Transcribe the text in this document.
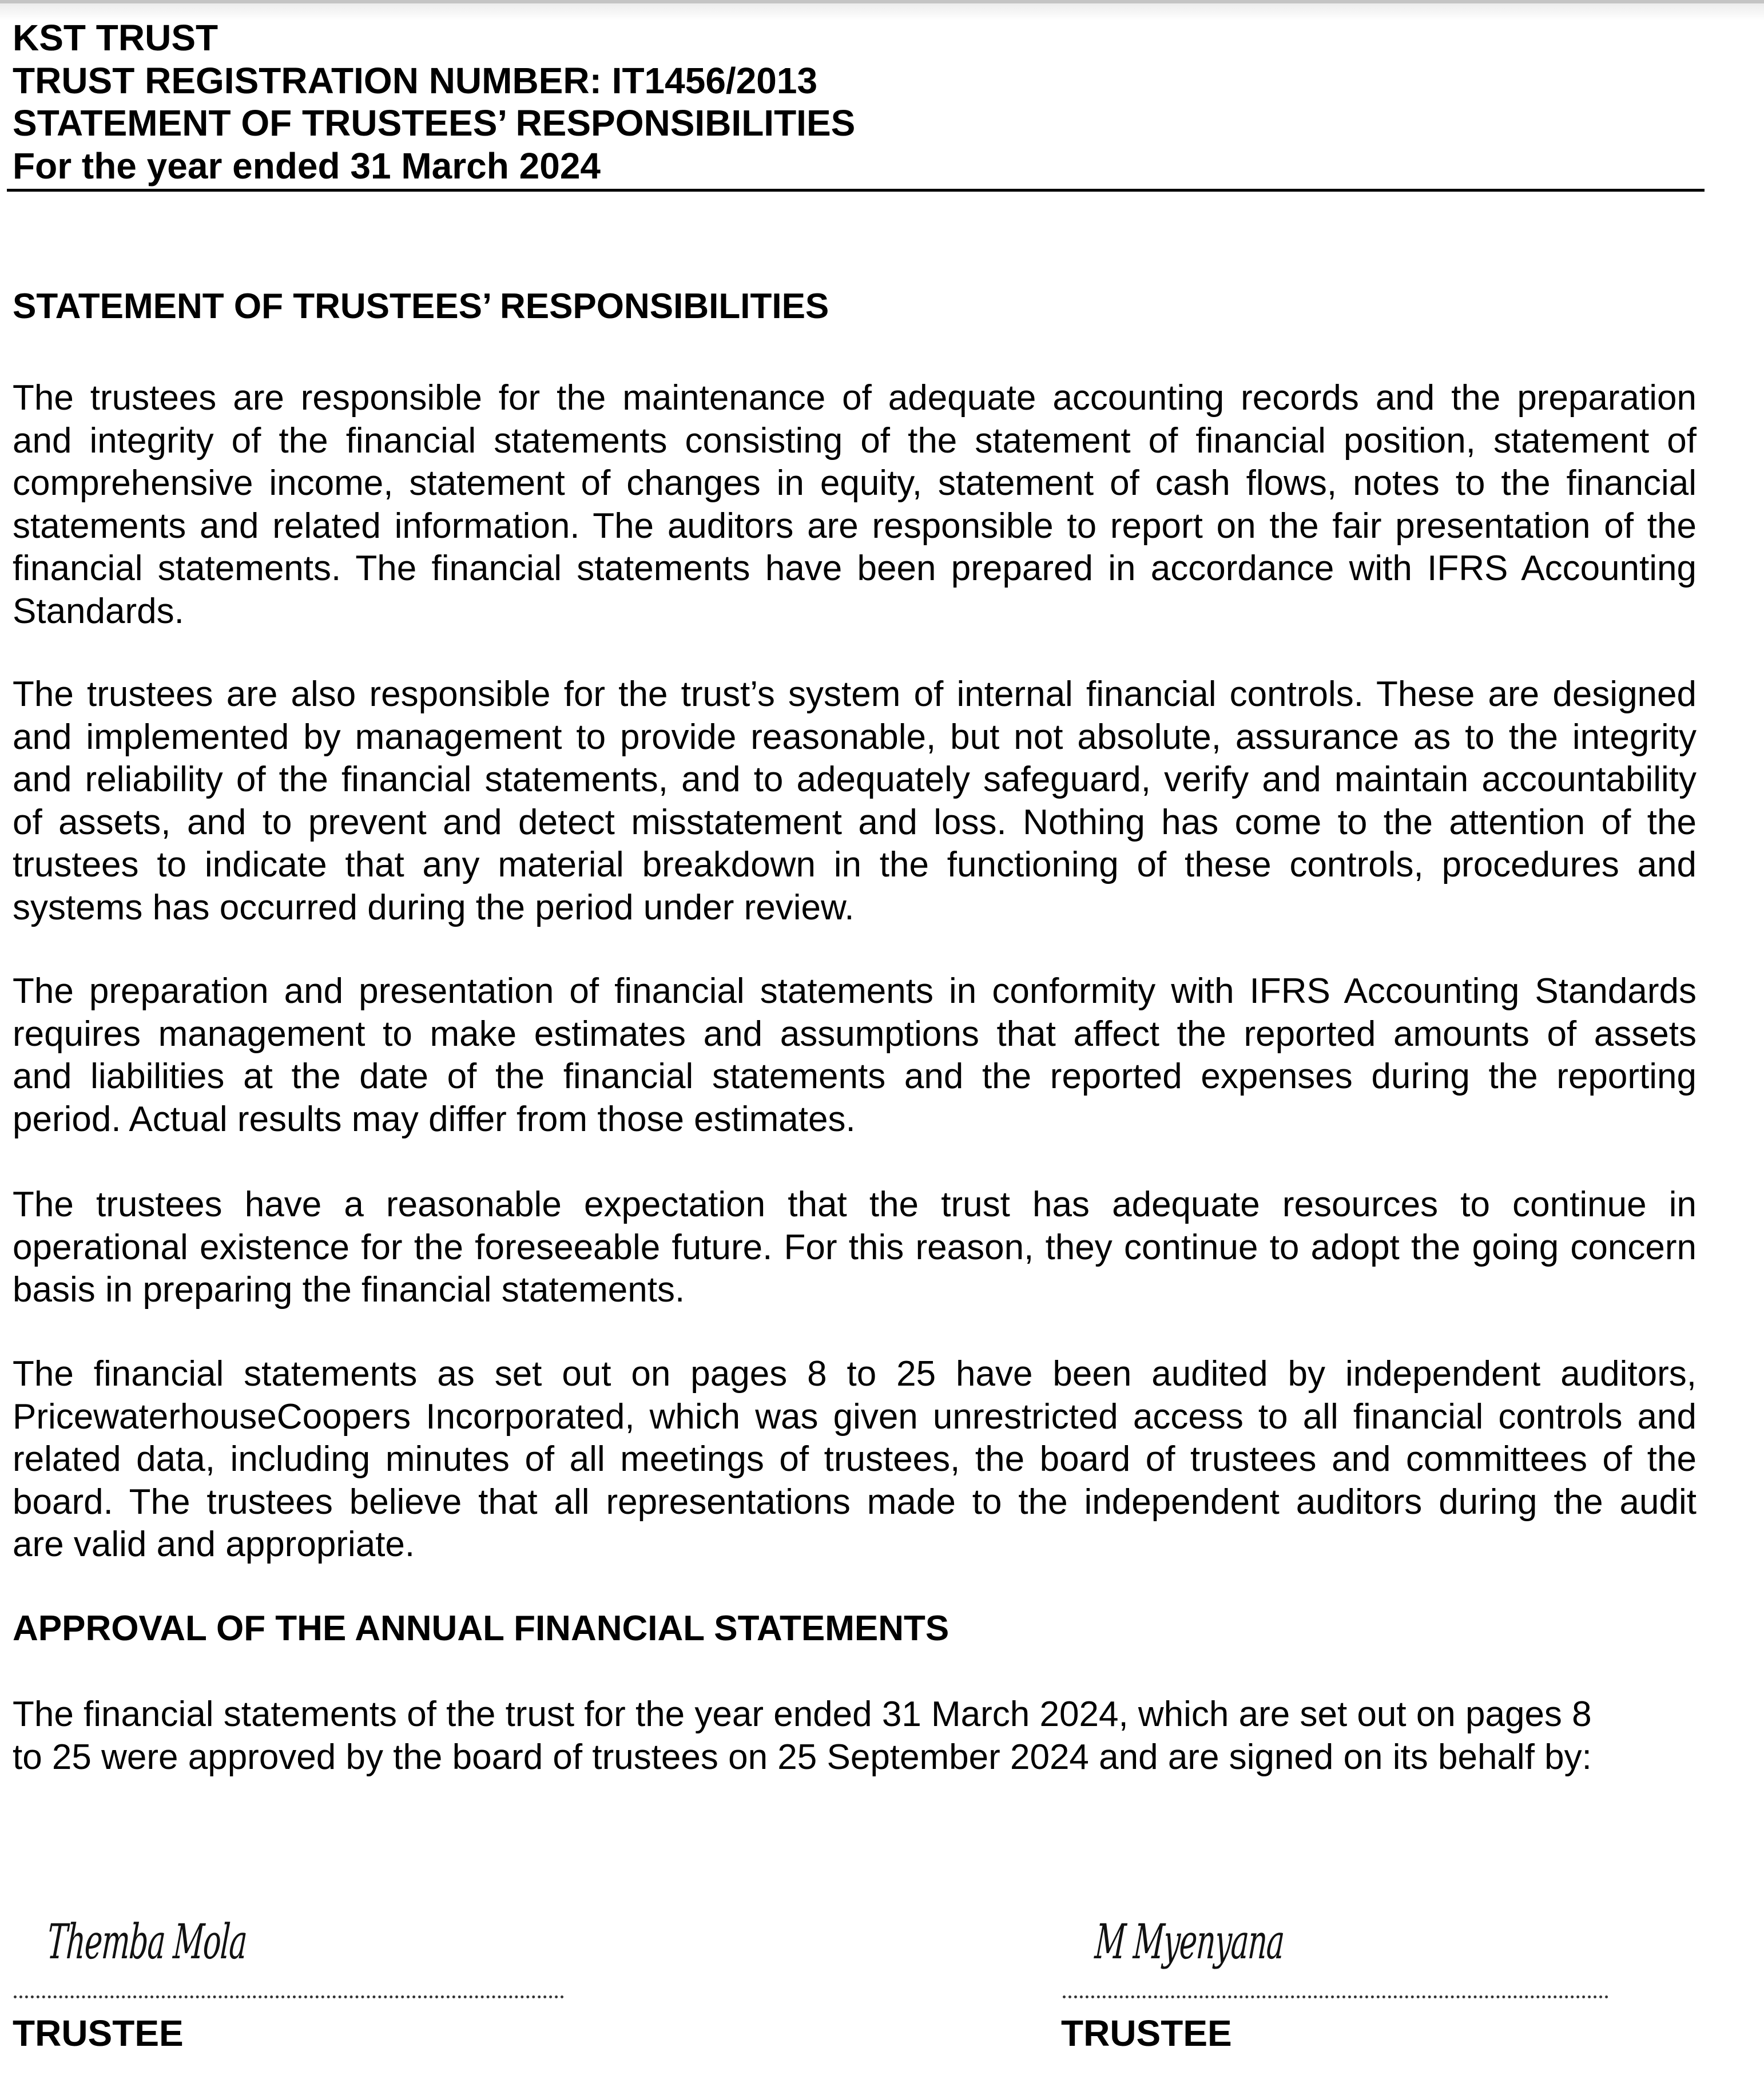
KST TRUST
TRUST REGISTRATION NUMBER: IT1456/2013
STATEMENT OF TRUSTEES’ RESPONSIBILITIES
For the year ended 31 March 2024
STATEMENT OF TRUSTEES’ RESPONSIBILITIES
The trustees are responsible for the maintenance of adequate accounting records and the preparation
and integrity of the financial statements consisting of the statement of financial position, statement of
comprehensive income, statement of changes in equity, statement of cash flows, notes to the financial
statements and related information. The auditors are responsible to report on the fair presentation of the
financial statements. The financial statements have been prepared in accordance with IFRS Accounting
Standards.
The trustees are also responsible for the trust’s system of internal financial controls. These are designed
and implemented by management to provide reasonable, but not absolute, assurance as to the integrity
and reliability of the financial statements, and to adequately safeguard, verify and maintain accountability
of assets, and to prevent and detect misstatement and loss. Nothing has come to the attention of the
trustees to indicate that any material breakdown in the functioning of these controls, procedures and
systems has occurred during the period under review.
The preparation and presentation of financial statements in conformity with IFRS Accounting Standards
requires management to make estimates and assumptions that affect the reported amounts of assets
and liabilities at the date of the financial statements and the reported expenses during the reporting
period. Actual results may differ from those estimates.
The trustees have a reasonable expectation that the trust has adequate resources to continue in
operational existence for the foreseeable future. For this reason, they continue to adopt the going concern
basis in preparing the financial statements.
The financial statements as set out on pages 8 to 25 have been audited by independent auditors,
PricewaterhouseCoopers Incorporated, which was given unrestricted access to all financial controls and
related data, including minutes of all meetings of trustees, the board of trustees and committees of the
board. The trustees believe that all representations made to the independent auditors during the audit
are valid and appropriate.
APPROVAL OF THE ANNUAL FINANCIAL STATEMENTS
The financial statements of the trust for the year ended 31 March 2024, which are set out on pages 8
to 25 were approved by the board of trustees on 25 September 2024 and are signed on its behalf by:
Themba Mola
TRUSTEE
M Myenyana
TRUSTEE
